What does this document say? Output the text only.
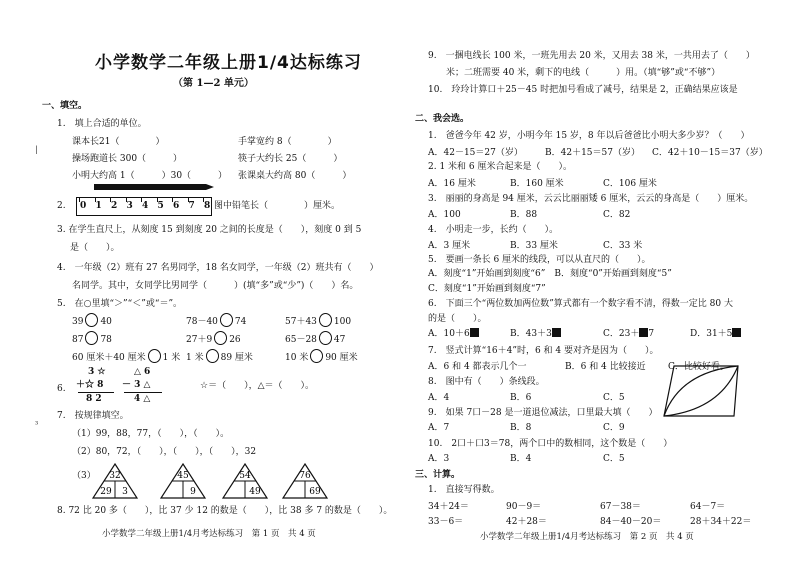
小学数学二年级上册1/4达标练习
（第 1—2 单元）
一、填空。
1.　填上合适的单位。
课本长21（　　　　）	手掌宽约 8（　　　　）
操场跑道长 300（　　　）	筷子大约长 25（　　　）
小明大约高 1（　　　）30（　　　） 张课桌大约高 80（　　　）
2. 0 1 2 3 4 5 6 7 8 图中铅笔长（　　　　）厘米。
3. 在学生直尺上，从刻度 15 到刻度 20 之间的长度是（　　），刻度 0 到 5
是（　　）。
4.　一年级（2）班有 27 名男同学，18 名女同学，一年级（2）班共有（　　）
名同学。其中，女同学比男同学（　　　）(填“多”或“少”)（　　）名。
5.　在○里填“＞”“＜”或“＝”。
39 40	78－40 74	57＋43 100
87 78	27＋9 26	65－28 47
60 厘米＋40 厘米 1 米 1 米 89 厘米	10 米 90 厘米
6.
3 ☆
＋☆ 8
8 2
△ 6
－ 3 △
4 △
☆＝（　　），△＝（　　）。
7.　按规律填空。
（1）99，88，77，（　　），（　　）。
（2）80，72，（　　），（　　），（　　），32
（3） 32
29 3
45
9
54
49
76
69
8. 72 比 20 多（　　），比 37 少 12 的数是（　　），比 38 多 7 的数是（　　）。
小学数学二年级上册1/4月考达标练习　第 1 页　共 4 页
|
³
9.　一捆电线长 100 米，一班先用去 20 米，又用去 38 米，一共用去了（　　）
米；二班需要 40 米，剩下的电线（　　　）用。（填“够”或“不够”）
10.　玲玲计算口＋25－45 时把加号看成了减号，结果是 2，正确结果应该是
二、我会选。
1.　爸爸今年 42 岁，小明今年 15 岁，8 年以后爸爸比小明大多少岁？（　　）
A．42－15＝27（岁） B．42＋15＝57（岁） C．42＋10－15＝37（岁）
2. 1 米和 6 厘米合起来是（　　）。
A．16 厘米	B．160 厘米	C．106 厘米
3.　丽丽的身高是 94 厘米，云云比丽丽矮 6 厘米，云云的身高是（　　）厘米。
A．100	B．88	C．82
4.　小明走一步，长约（　　）。
A．3 厘米	B．33 厘米	C．33 米
5.　要画一条长 6 厘米的线段，可以从直尺的（　　）。
A．刻度“1”开始画到刻度“6”　B．刻度“0”开始画到刻度“5”
C．刻度“1”开始画到刻度“7”
6.　下面三个“两位数加两位数”算式都有一个数字看不清，得数一定比 80 大
的是（　　）。
A．10＋6	B．43＋3	C．23＋ 7	D．31＋5
7.　竖式计算“16＋4”时，6 和 4 要对齐是因为（　　）。
A．6 和 4 都表示几个一	B．6 和 4 比较接近 C．比较好看。
8.　图中有（　　）条线段。
A．4	B．6	C．5
9.　如果 7口－28 是一道退位减法，口里最大填（　　）
A．7	B．8	C．9
10.　2口＋口3＝78，两个口中的数相同，这个数是（　　）
A．3	B．4	C．5
三、计算。
1.　直接写得数。
34＋24＝	90－9＝	67－38＝	64－7＝
33－6＝	42＋28＝	84－40－20＝	28＋34＋22＝
小学数学二年级上册1/4月考达标练习　第 2 页　共 4 页
